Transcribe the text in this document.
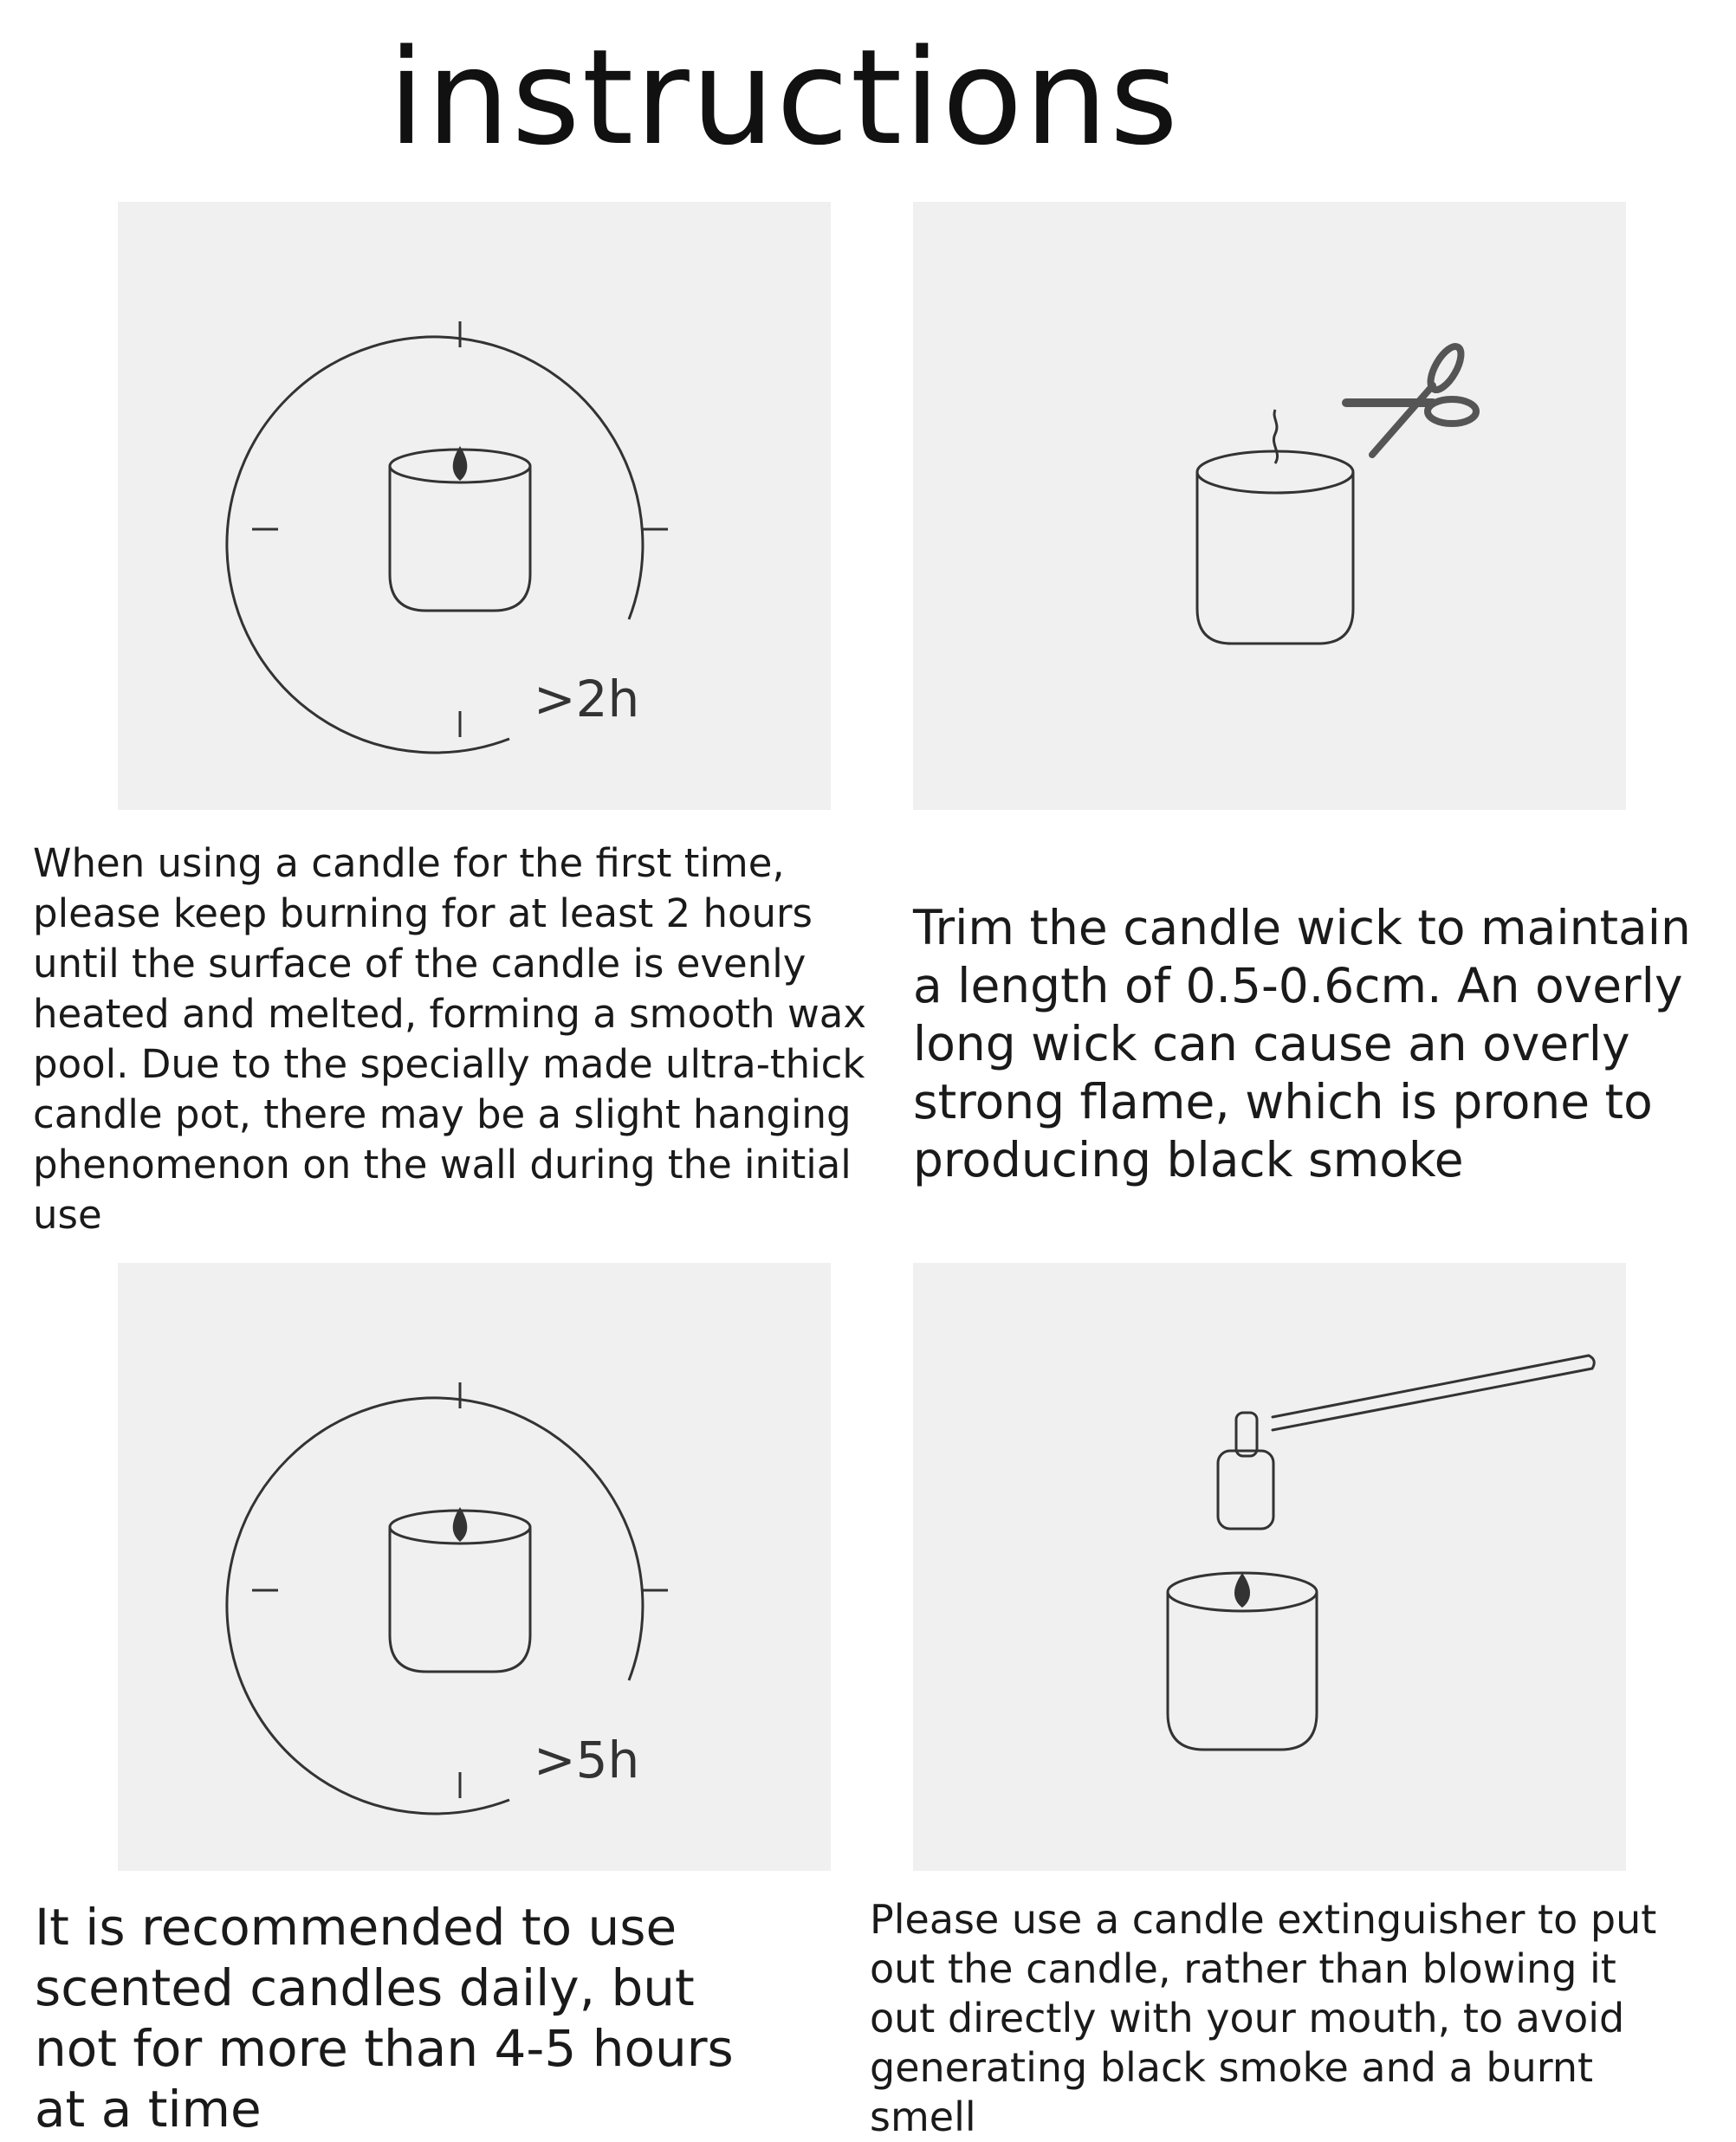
instructions
>2h
>5h
When using a candle for the first time, please keep burning for at least 2 hours until the surface of the candle is evenly heated and melted, forming a smooth wax pool. Due to the specially made ultra-thick candle pot, there may be a slight hanging phenomenon on the wall during the initial use
Trim the candle wick to maintain a length of 0.5-0.6cm. An overly long wick can cause an overly strong flame, which is prone to producing black smoke
It is recommended to use scented candles daily, but not for more than 4-5 hours at a time
Please use a candle extinguisher to put out the candle, rather than blowing it out directly with your mouth, to avoid generating black smoke and a burnt smell
